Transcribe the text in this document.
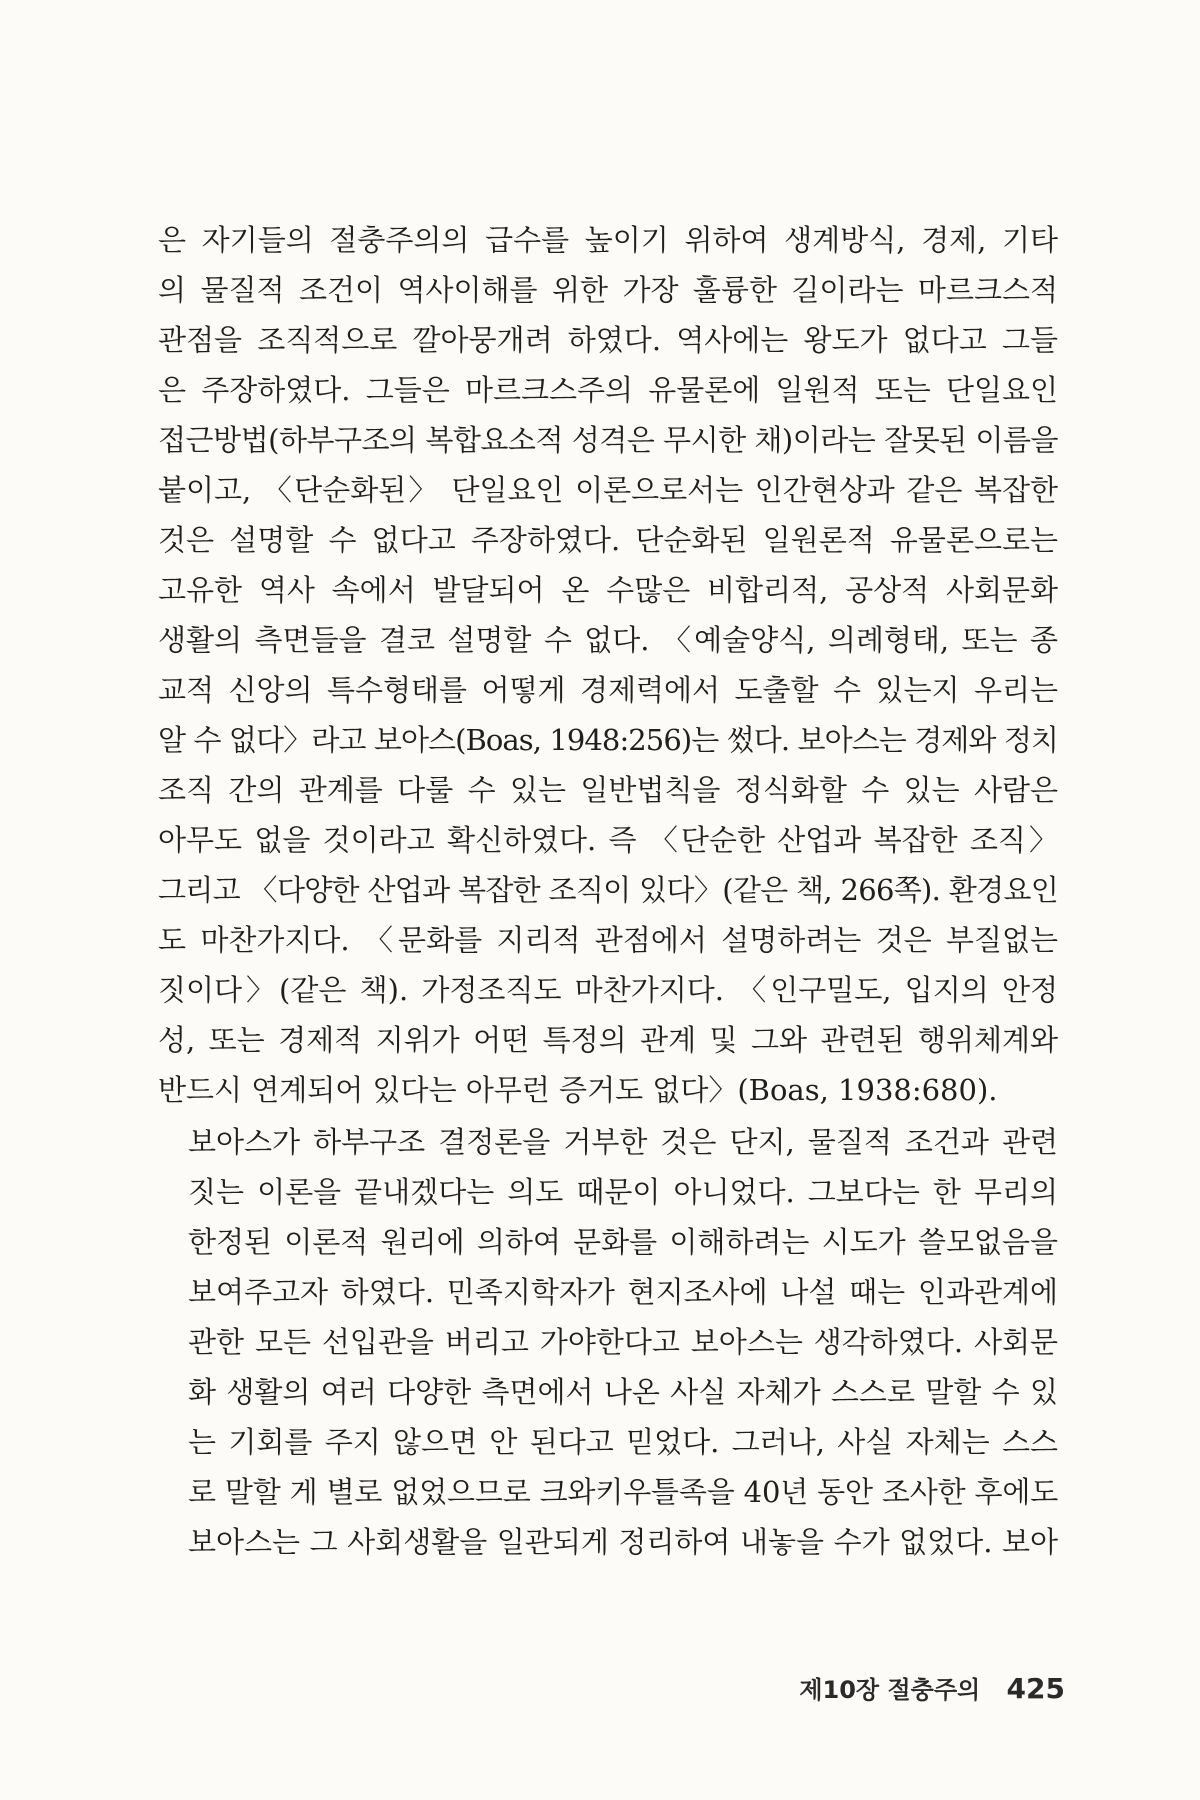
은 자기들의 절충주의의 급수를 높이기 위하여 생계방식, 경제, 기타
의 물질적 조건이 역사이해를 위한 가장 훌륭한 길이라는 마르크스적
관점을 조직적으로 깔아뭉개려 하였다. 역사에는 왕도가 없다고 그들
은 주장하였다. 그들은 마르크스주의 유물론에 일원적 또는 단일요인
접근방법(하부구조의 복합요소적 성격은 무시한 채)이라는 잘못된 이름을
붙이고, 〈단순화된〉 단일요인 이론으로서는 인간현상과 같은 복잡한
것은 설명할 수 없다고 주장하였다. 단순화된 일원론적 유물론으로는
고유한 역사 속에서 발달되어 온 수많은 비합리적, 공상적 사회문화
생활의 측면들을 결코 설명할 수 없다. 〈예술양식, 의례형태, 또는 종
교적 신앙의 특수형태를 어떻게 경제력에서 도출할 수 있는지 우리는
알 수 없다〉라고 보아스(Boas, 1948:256)는 썼다. 보아스는 경제와 정치
조직 간의 관계를 다룰 수 있는 일반법칙을 정식화할 수 있는 사람은
아무도 없을 것이라고 확신하였다. 즉 〈단순한 산업과 복잡한 조직〉
그리고 〈다양한 산업과 복잡한 조직이 있다〉(같은 책, 266쪽). 환경요인
도 마찬가지다. 〈문화를 지리적 관점에서 설명하려는 것은 부질없는
짓이다〉(같은 책). 가정조직도 마찬가지다. 〈인구밀도, 입지의 안정
성, 또는 경제적 지위가 어떤 특정의 관계 및 그와 관련된 행위체계와
반드시 연계되어 있다는 아무런 증거도 없다〉(Boas, 1938:680).
보아스가 하부구조 결정론을 거부한 것은 단지, 물질적 조건과 관련
짓는 이론을 끝내겠다는 의도 때문이 아니었다. 그보다는 한 무리의
한정된 이론적 원리에 의하여 문화를 이해하려는 시도가 쓸모없음을
보여주고자 하였다. 민족지학자가 현지조사에 나설 때는 인과관계에
관한 모든 선입관을 버리고 가야한다고 보아스는 생각하였다. 사회문
화 생활의 여러 다양한 측면에서 나온 사실 자체가 스스로 말할 수 있
는 기회를 주지 않으면 안 된다고 믿었다. 그러나, 사실 자체는 스스
로 말할 게 별로 없었으므로 크와키우틀족을 40년 동안 조사한 후에도
보아스는 그 사회생활을 일관되게 정리하여 내놓을 수가 없었다. 보아
제10장 절충주의 425
